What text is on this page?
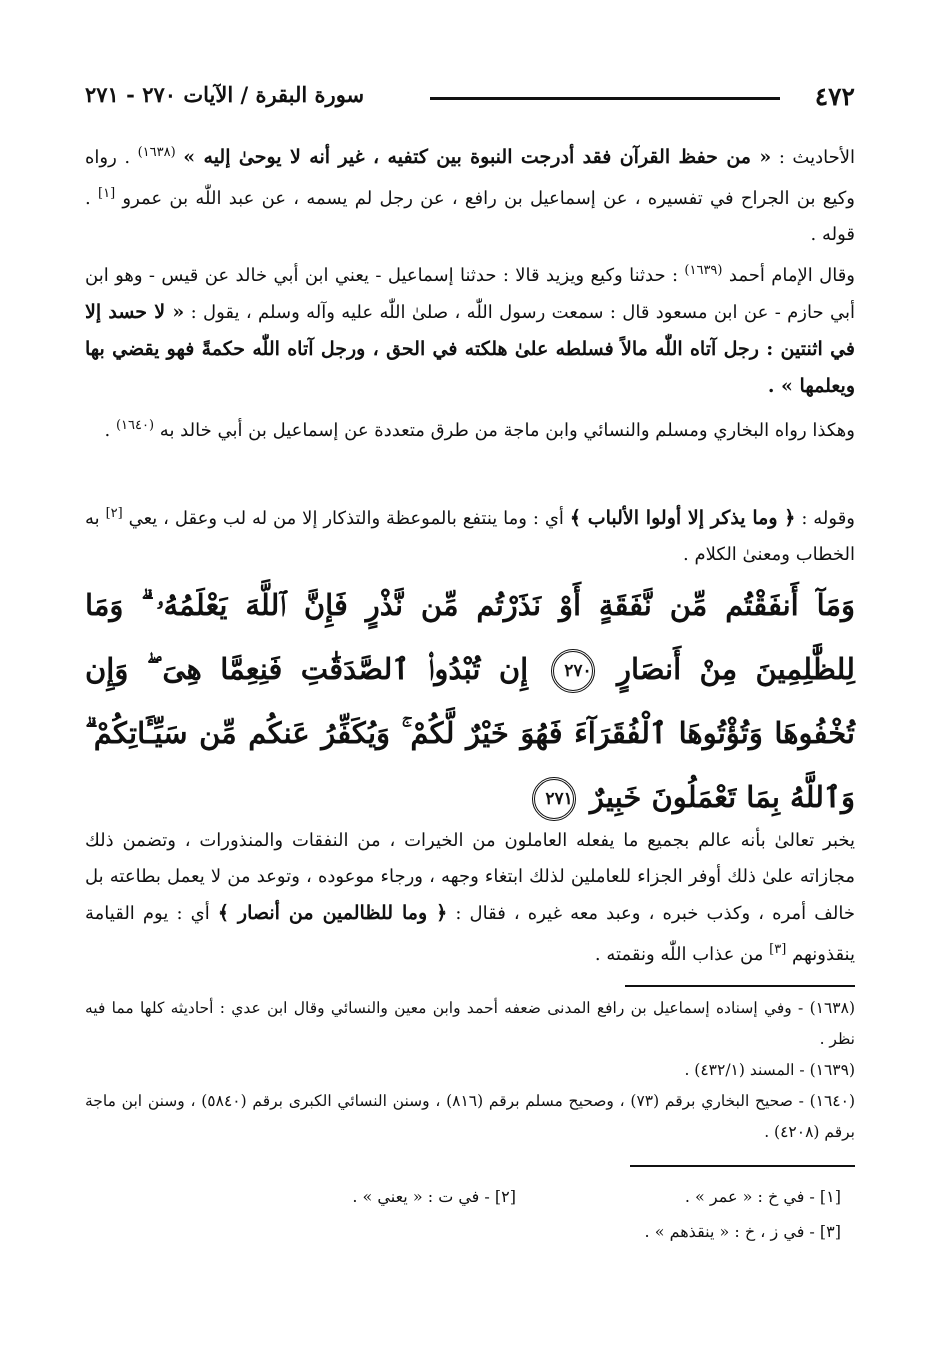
٤٧٢
سورة البقرة / الآيات ٢٧٠ - ٢٧١
الأحاديث : « من حفظ القرآن فقد أدرجت النبوة بين كتفيه ، غير أنه لا يوحىٰ إليه » $^{(١٦٣٨)}$ . رواه وكيع بن الجراح في تفسيره ، عن إسماعيل بن رافع ، عن رجل لم يسمه ، عن عبد اللّٰه بن عمرو [١] . قوله .
وقال الإمام أحمد $^{(١٦٣٩)}$ : حدثنا وكيع ويزيد قالا : حدثنا إسماعيل - يعني ابن أبي خالد عن قيس - وهو ابن أبي حازم - عن ابن مسعود قال : سمعت رسول اللّٰه ، صلىٰ اللّٰه عليه وآله وسلم ، يقول : « لا حسد إلا في اثنتين : رجل آتاه اللّٰه مالاً فسلطه علىٰ هلكته في الحق ، ورجل آتاه اللّٰه حكمةً فهو يقضي بها ويعلمها » .
وهكذا رواه البخاري ومسلم والنسائي وابن ماجة من طرق متعددة عن إسماعيل بن أبي خالد به $^{(١٦٤٠)}$ .
وقوله : ﴿ وما يذكر إلا أولوا الألباب ﴾ أي : وما ينتفع بالموعظة والتذكار إلا من له لب وعقل ، يعي [٢] به الخطاب ومعنىٰ الكلام .
وَمَآ أَنفَقْتُم مِّن نَّفَقَةٍ أَوْ نَذَرْتُم مِّن نَّذْرٍ فَإِنَّ ٱللَّهَ يَعْلَمُهُۥ ۗ وَمَا لِلظَّٰلِمِينَ مِنْ أَنصَارٍ ٢٧٠ إِن تُبْدُوا۟ ٱلصَّدَقَٰتِ فَنِعِمَّا هِىَ ۖ وَإِن تُخْفُوهَا وَتُؤْتُوهَا ٱلْفُقَرَآءَ فَهُوَ خَيْرٌ لَّكُمْ ۚ وَيُكَفِّرُ عَنكُم مِّن سَيِّـَٔاتِكُمْ ۗ وَٱللَّهُ بِمَا تَعْمَلُونَ خَبِيرٌ ٢٧١
يخبر تعالىٰ بأنه عالم بجميع ما يفعله العاملون من الخيرات ، من النفقات والمنذورات ، وتضمن ذلك مجازاته علىٰ ذلك أوفر الجزاء للعاملين لذلك ابتغاء وجهه ، ورجاء موعوده ، وتوعد من لا يعمل بطاعته بل خالف أمره ، وكذب خبره ، وعبد معه غيره ، فقال : ﴿ وما للظالمين من أنصار ﴾ أي : يوم القيامة ينقذونهم [٣] من عذاب اللّٰه ونقمته .
(١٦٣٨) - وفي إسناده إسماعيل بن رافع المدنى ضعفه أحمد وابن معين والنسائي وقال ابن عدي : أحاديثه كلها مما فيه نظر .
(١٦٣٩) - المسند (٤٣٢/١) .
(١٦٤٠) - صحيح البخاري برقم (٧٣) ، وصحيح مسلم برقم (٨١٦) ، وسنن النسائي الكبرى برقم (٥٨٤٠) ، وسنن ابن ماجة برقم (٤٢٠٨) .
[١] - في خ : « عمر » .
[٢] - في ت : « يعني » .
[٣] - في ز ، خ : « ينقذهم » .
